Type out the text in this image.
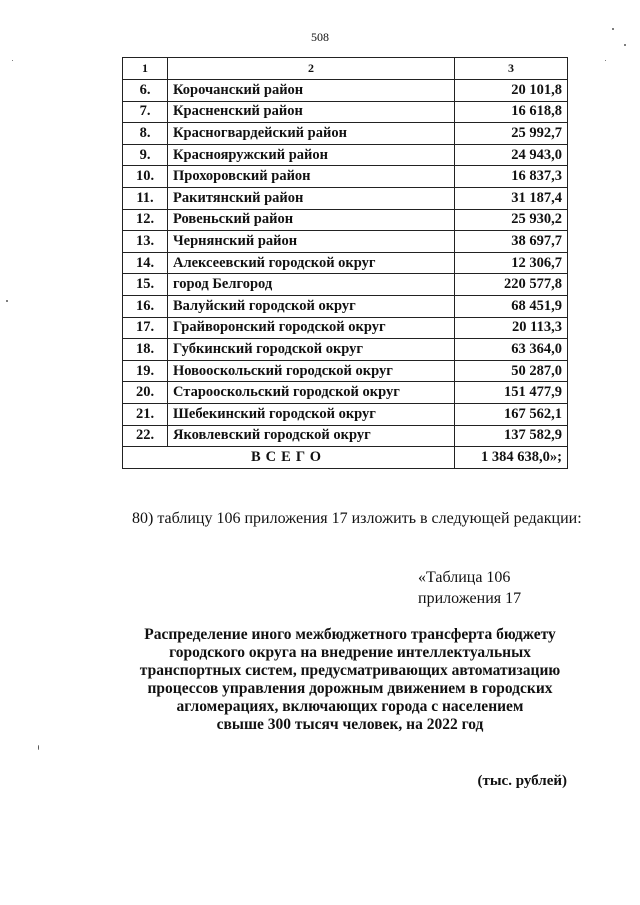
508
1	2	3
6.	Корочанский район	20 101,8
7.	Красненский район	16 618,8
8.	Красногвардейский район	25 992,7
9.	Краснояружский район	24 943,0
10.	Прохоровский район	16 837,3
11.	Ракитянский район	31 187,4
12.	Ровеньский район	25 930,2
13.	Чернянский район	38 697,7
14.	Алексеевский городской округ	12 306,7
15.	город Белгород	220 577,8
16.	Валуйский городской округ	68 451,9
17.	Грайворонский городской округ	20 113,3
18.	Губкинский городской округ	63 364,0
19.	Новооскольский городской округ	50 287,0
20.	Старооскольский городской округ	151 477,9
21.	Шебекинский городской округ	167 562,1
22.	Яковлевский городской округ	137 582,9
ВСЕГО		1 384 638,0»;
80) таблицу 106 приложения 17 изложить в следующей редакции:
«Таблица 106
приложения 17
Распределение иного межбюджетного трансферта бюджету
городского округа на внедрение интеллектуальных
транспортных систем, предусматривающих автоматизацию
процессов управления дорожным движением в городских
агломерациях, включающих города с населением
свыше 300 тысяч человек, на 2022 год
(тыс. рублей)
